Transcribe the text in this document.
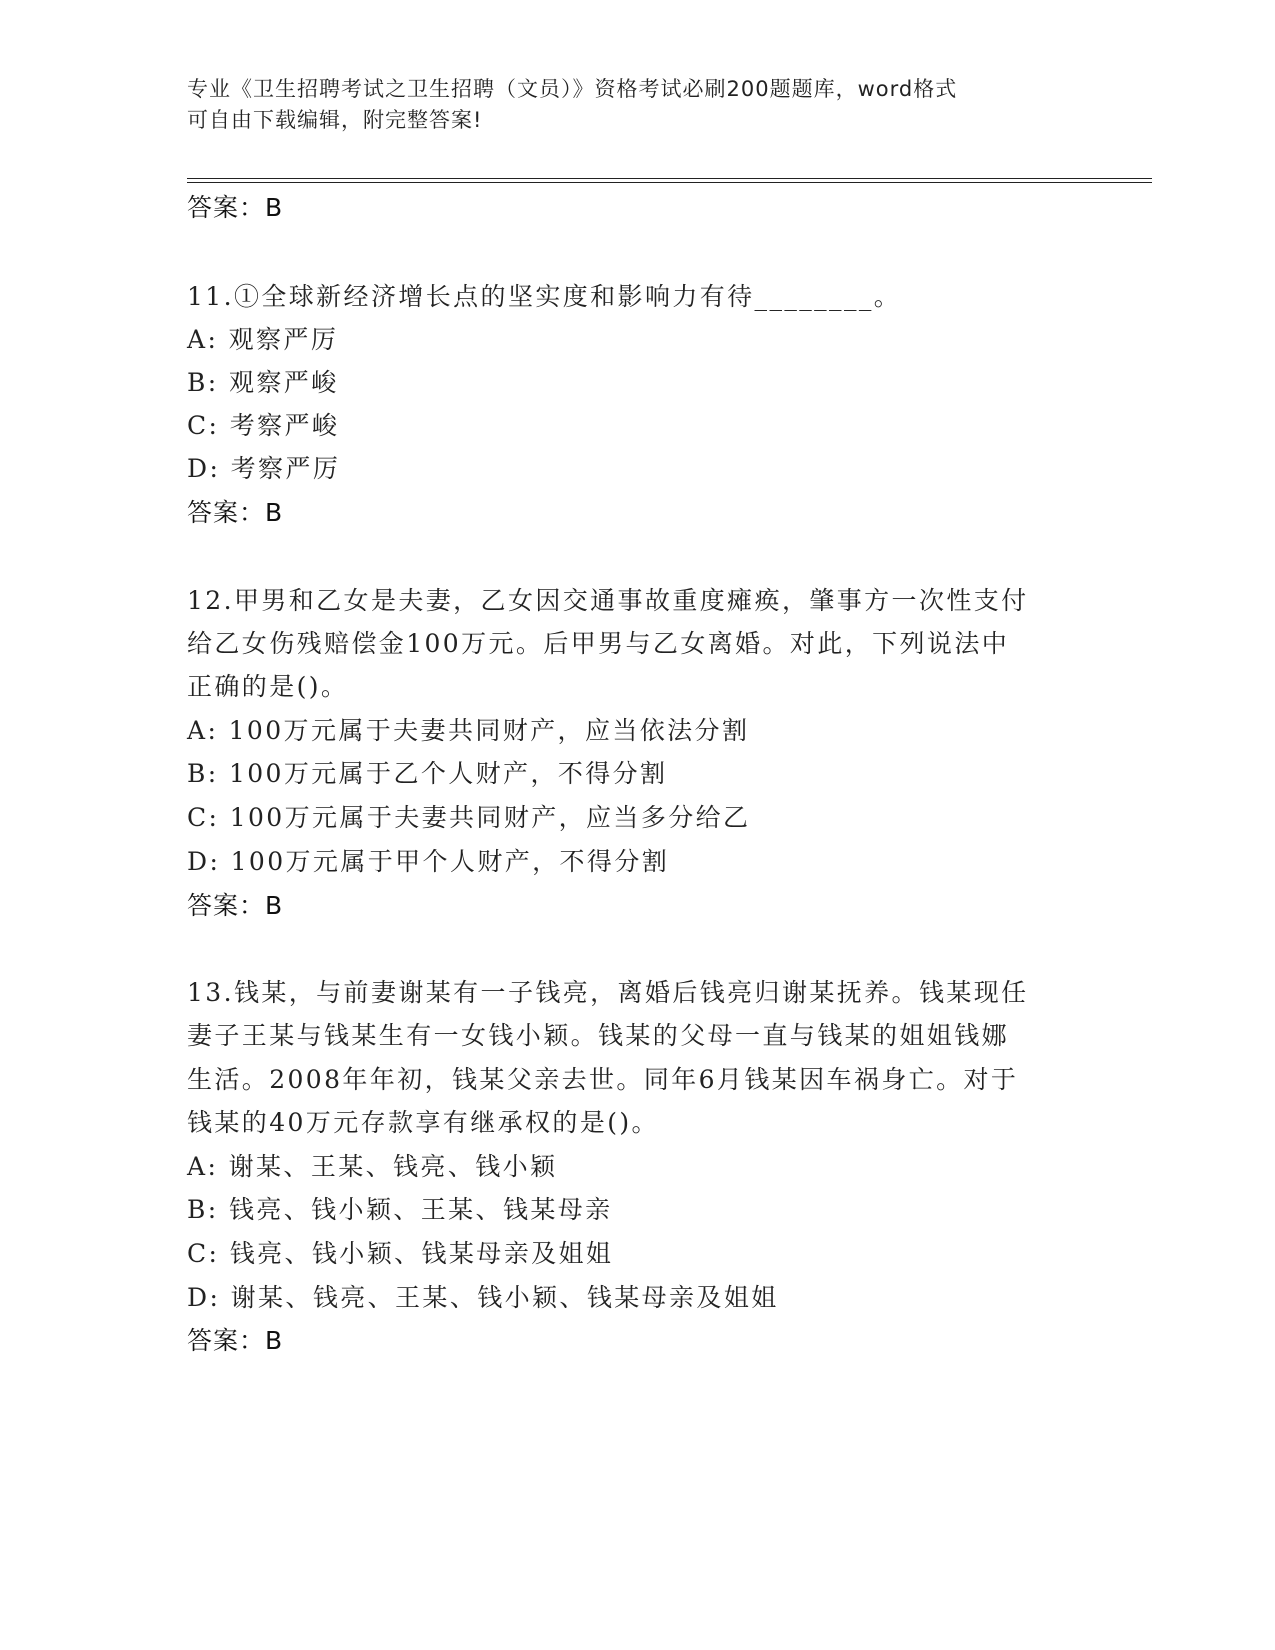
专业《卫生招聘考试之卫生招聘（文员）》资格考试必刷200题题库，word格式
可自由下载编辑，附完整答案!
答案：B
11.①全球新经济增长点的坚实度和影响力有待________。
A: 观察严厉
B: 观察严峻
C: 考察严峻
D: 考察严厉
答案：B
12.甲男和乙女是夫妻，乙女因交通事故重度瘫痪，肇事方一次性支付
给乙女伤残赔偿金100万元。后甲男与乙女离婚。对此，下列说法中
正确的是()。
A: 100万元属于夫妻共同财产，应当依法分割
B: 100万元属于乙个人财产，不得分割
C: 100万元属于夫妻共同财产，应当多分给乙
D: 100万元属于甲个人财产，不得分割
答案：B
13.钱某，与前妻谢某有一子钱亮，离婚后钱亮归谢某抚养。钱某现任
妻子王某与钱某生有一女钱小颖。钱某的父母一直与钱某的姐姐钱娜
生活。2008年年初，钱某父亲去世。同年6月钱某因车祸身亡。对于
钱某的40万元存款享有继承权的是()。
A: 谢某、王某、钱亮、钱小颖
B: 钱亮、钱小颖、王某、钱某母亲
C: 钱亮、钱小颖、钱某母亲及姐姐
D: 谢某、钱亮、王某、钱小颖、钱某母亲及姐姐
答案：B
